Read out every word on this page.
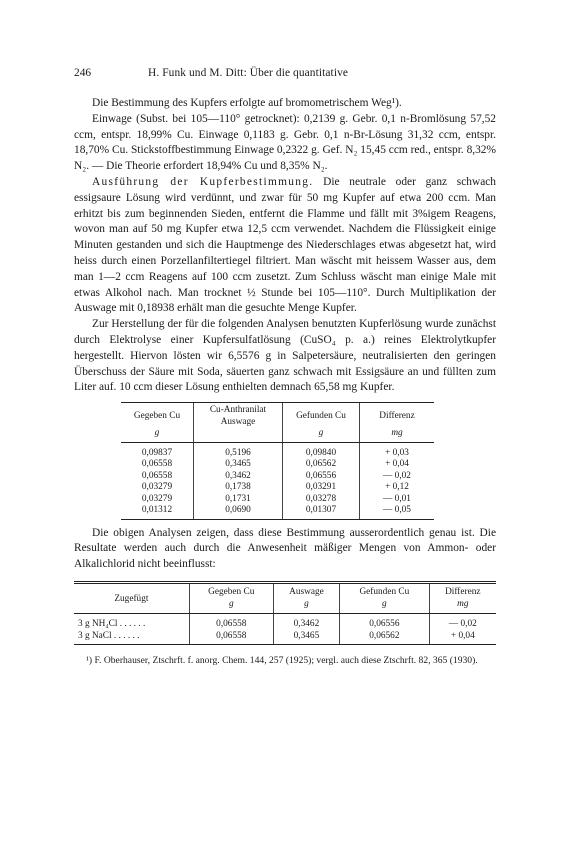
246	H. Funk und M. Ditt: Über die quantitative

Die Bestimmung des Kupfers erfolgte auf bromometrischem Weg¹).

Einwage (Subst. bei 105—110° getrocknet): 0,2139 g. Gebr. 0,1 n-Bromlösung 57,52 ccm, entspr. 18,99% Cu. Einwage 0,1183 g. Gebr. 0,1 n-Br-Lösung 31,32 ccm, entspr. 18,70% Cu. Stickstoffbestimmung Einwage 0,2322 g. Gef. N₂ 15,45 ccm red., entspr. 8,32% N₂. — Die Theorie erfordert 18,94% Cu und 8,35% N₂.

Ausführung der Kupferbestimmung. Die neutrale oder ganz schwach essigsaure Lösung wird verdünnt, und zwar für 50 mg Kupfer auf etwa 200 ccm. Man erhitzt bis zum beginnenden Sieden, entfernt die Flamme und fällt mit 3%igem Reagens, wovon man auf 50 mg Kupfer etwa 12,5 ccm verwendet. Nachdem die Flüssigkeit einige Minuten gestanden und sich die Hauptmenge des Niederschlages etwas abgesetzt hat, wird heiss durch einen Porzellanfiltertiegel filtriert. Man wäscht mit heissem Wasser aus, dem man 1—2 ccm Reagens auf 100 ccm zusetzt. Zum Schluss wäscht man einige Male mit etwas Alkohol nach. Man trocknet ½ Stunde bei 105—110°. Durch Multiplikation der Auswage mit 0,18938 erhält man die gesuchte Menge Kupfer.

Zur Herstellung der für die folgenden Analysen benutzten Kupferlösung wurde zunächst durch Elektrolyse einer Kupfersulfatlösung (CuSO₄ p. a.) reines Elektrolytkupfer hergestellt. Hiervon lösten wir 6,5576 g in Salpetersäure, neutralisierten den geringen Überschuss der Säure mit Soda, säuerten ganz schwach mit Essigsäure an und füllten zum Liter auf. 10 ccm dieser Lösung enthielten demnach 65,58 mg Kupfer.

Gegeben Cu	Cu-Anthranilat Auswage	Gefunden Cu	Differenz
g		g	mg

0,09837	0,5196	0,09840	+ 0,03
0,06558	0,3465	0,06562	+ 0,04
0,06558	0,3462	0,06556	— 0,02
0,03279	0,1738	0,03291	+ 0,12
0,03279	0,1731	0,03278	— 0,01
0,01312	0,0690	0,01307	— 0,05

Die obigen Analysen zeigen, dass diese Bestimmung ausserordentlich genau ist. Die Resultate werden auch durch die Anwesenheit mäßiger Mengen von Ammon- oder Alkalichlorid nicht beeinflusst:

Zugefügt	Gegeben Cu	Auswage	Gefunden Cu	Differenz
	g	g	g	mg

3 g NH₄Cl . . . . . .	0,06558	0,3462	0,06556	— 0,02
3 g NaCl . . . . . .	0,06558	0,3465	0,06562	+ 0,04

¹) F. Oberhauser, Ztschrft. f. anorg. Chem. 144, 257 (1925); vergl. auch diese Ztschrft. 82, 365 (1930).
